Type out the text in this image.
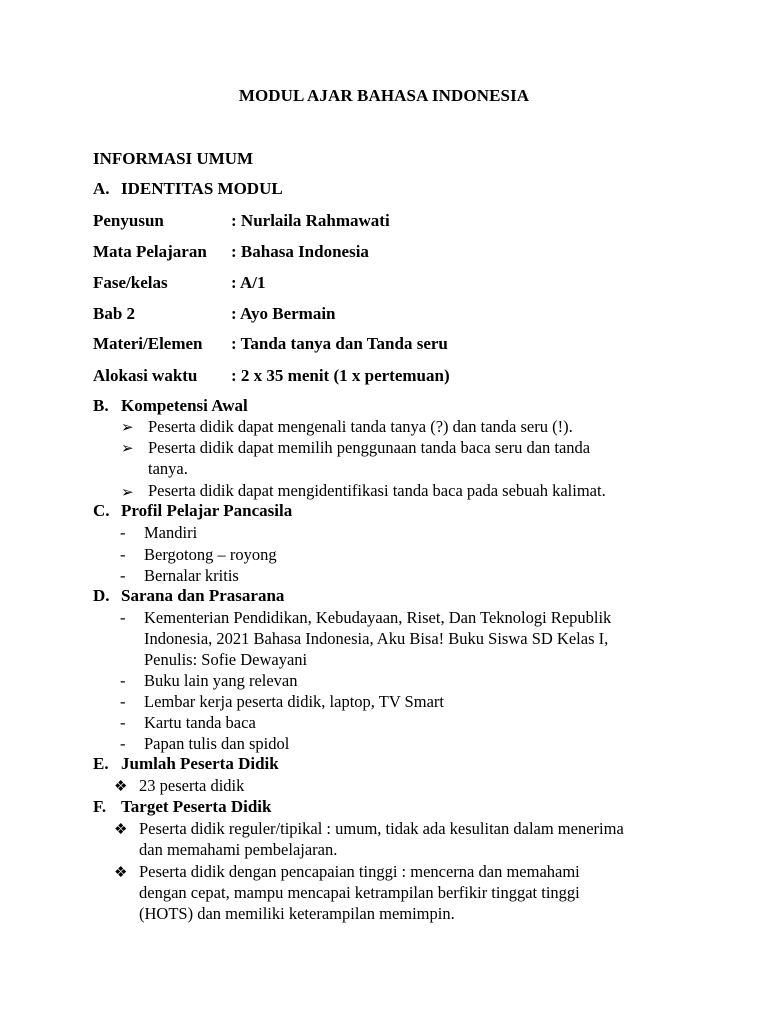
MODUL AJAR BAHASA INDONESIA
INFORMASI UMUM
A. IDENTITAS MODUL
Penyusun	: Nurlaila Rahmawati
Mata Pelajaran : Bahasa Indonesia
Fase/kelas	: A/1
Bab 2	: Ayo Bermain
Materi/Elemen : Tanda tanya dan Tanda seru
Alokasi waktu : 2 x 35 menit (1 x pertemuan)
B. Kompetensi Awal
➢ Peserta didik dapat mengenali tanda tanya (?) dan tanda seru (!).
➢ Peserta didik dapat memilih penggunaan tanda baca seru dan tanda
tanya.
➢ Peserta didik dapat mengidentifikasi tanda baca pada sebuah kalimat.
C. Profil Pelajar Pancasila
- Mandiri
- Bergotong – royong
- Bernalar kritis
D. Sarana dan Prasarana
- Kementerian Pendidikan, Kebudayaan, Riset, Dan Teknologi Republik
Indonesia, 2021 Bahasa Indonesia, Aku Bisa! Buku Siswa SD Kelas I,
Penulis: Sofie Dewayani
- Buku lain yang relevan
- Lembar kerja peserta didik, laptop, TV Smart
- Kartu tanda baca
- Papan tulis dan spidol
E. Jumlah Peserta Didik
❖ 23 peserta didik
F. Target Peserta Didik
❖ Peserta didik reguler/tipikal : umum, tidak ada kesulitan dalam menerima
dan memahami pembelajaran.
❖ Peserta didik dengan pencapaian tinggi : mencerna dan memahami
dengan cepat, mampu mencapai ketrampilan berfikir tinggat tinggi
(HOTS) dan memiliki keterampilan memimpin.
